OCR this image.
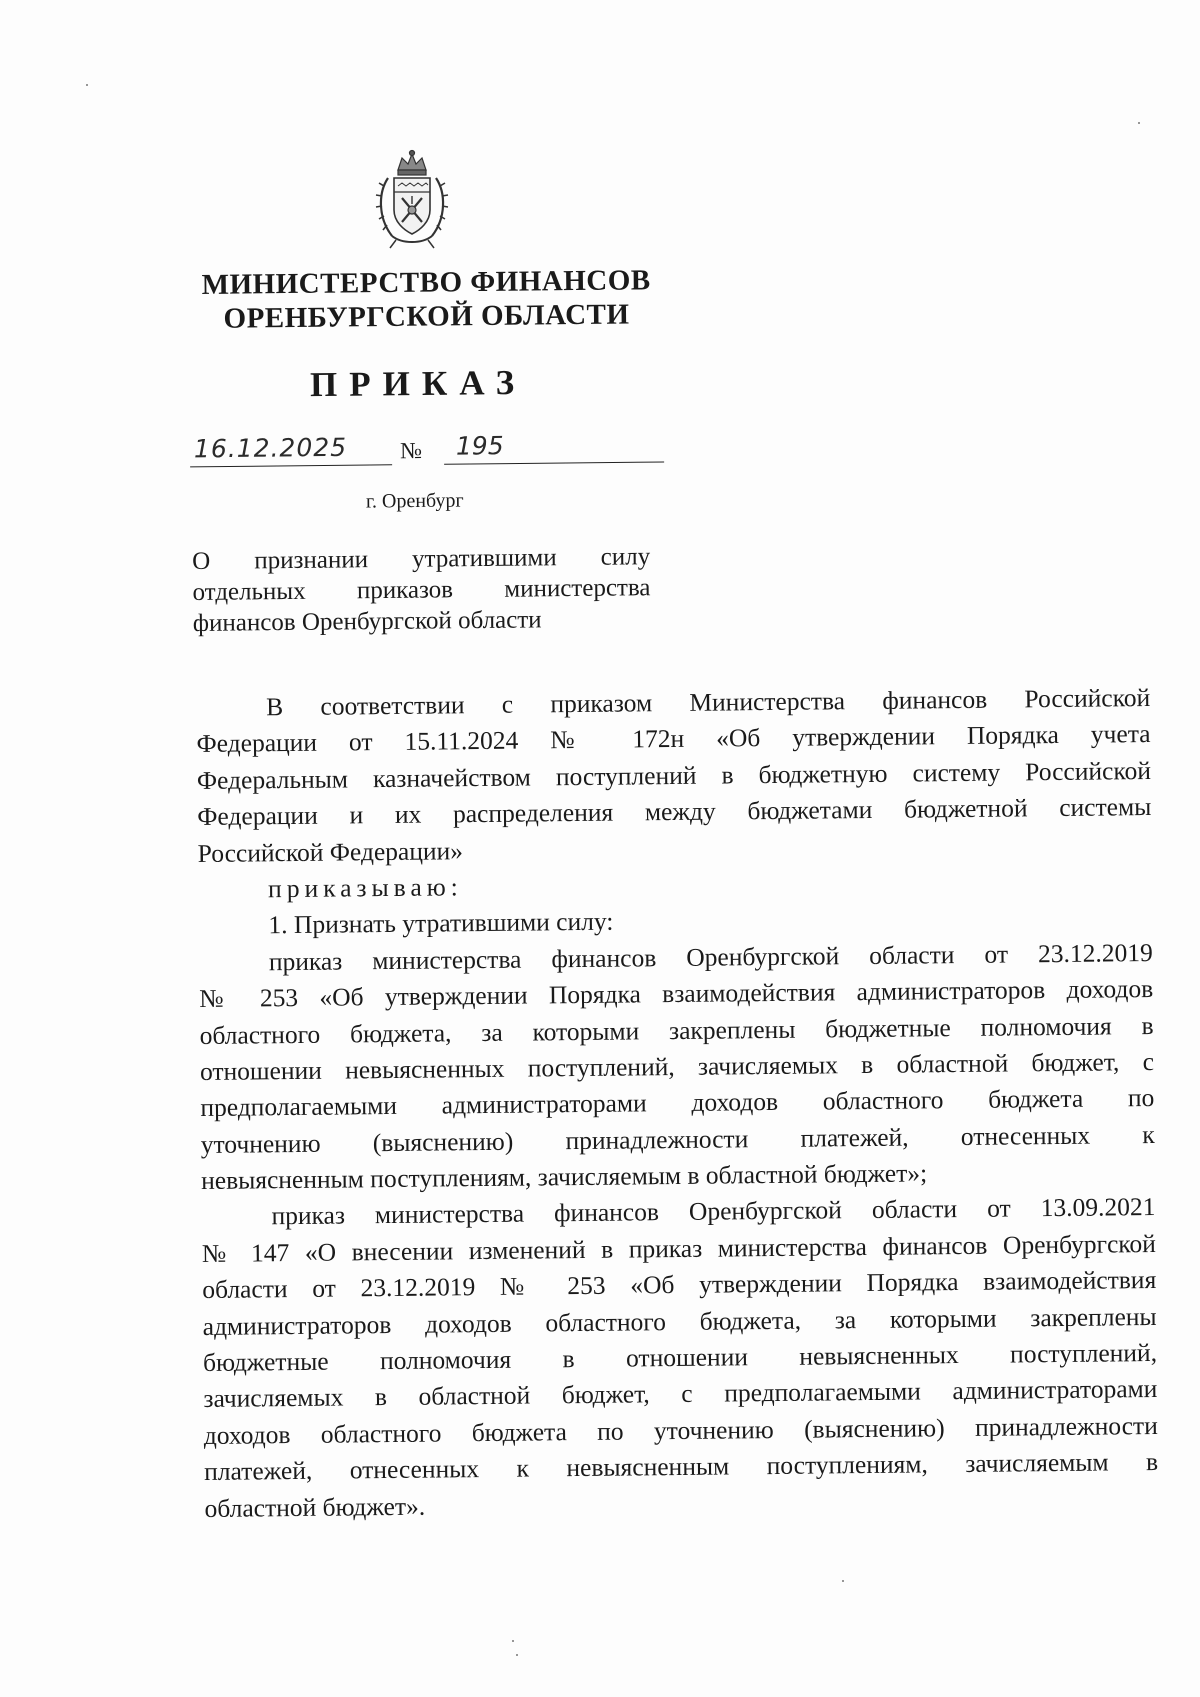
МИНИСТЕРСТВО ФИНАНСОВ
ОРЕНБУРГСКОЙ ОБЛАСТИ
ПРИКАЗ
16.12.2025	№	195
г. Оренбург
О признании утратившими силу
отдельных приказов министерства
финансов Оренбургской области
В соответствии с приказом Министерства финансов Российской
Федерации от 15.11.2024 № 172н «Об утверждении Порядка учета
Федеральным казначейством поступлений в бюджетную систему Российской
Федерации и их распределения между бюджетами бюджетной системы
Российской Федерации»
приказываю:
1. Признать утратившими силу:
приказ министерства финансов Оренбургской области от 23.12.2019
№ 253 «Об утверждении Порядка взаимодействия администраторов доходов
областного бюджета, за которыми закреплены бюджетные полномочия в
отношении невыясненных поступлений, зачисляемых в областной бюджет, с
предполагаемыми администраторами доходов областного бюджета по
уточнению (выяснению) принадлежности платежей, отнесенных к
невыясненным поступлениям, зачисляемым в областной бюджет»;
приказ министерства финансов Оренбургской области от 13.09.2021
№ 147 «О внесении изменений в приказ министерства финансов Оренбургской
области от 23.12.2019 № 253 «Об утверждении Порядка взаимодействия
администраторов доходов областного бюджета, за которыми закреплены
бюджетные полномочия в отношении невыясненных поступлений,
зачисляемых в областной бюджет, с предполагаемыми администраторами
доходов областного бюджета по уточнению (выяснению) принадлежности
платежей, отнесенных к невыясненным поступлениям, зачисляемым в
областной бюджет».
